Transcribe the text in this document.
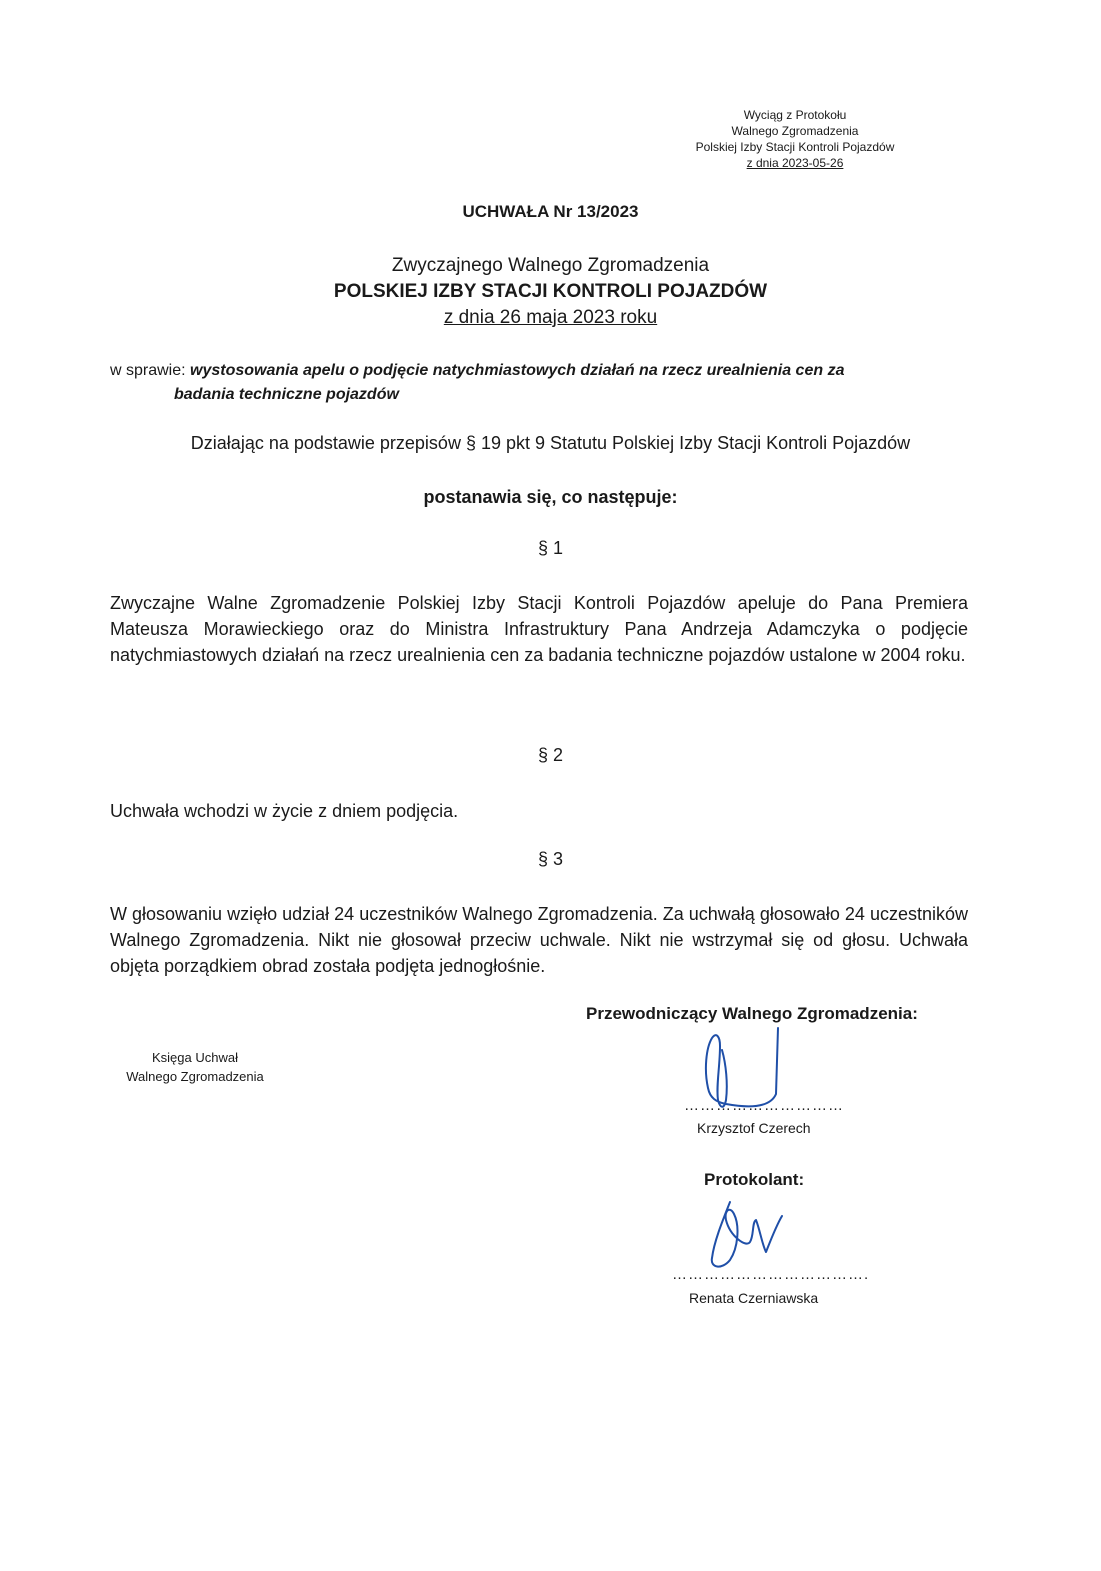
Wyciąg z Protokołu
Walnego Zgromadzenia
Polskiej Izby Stacji Kontroli Pojazdów
z dnia 2023-05-26
UCHWAŁA Nr 13/2023
Zwyczajnego Walnego Zgromadzenia
POLSKIEJ IZBY STACJI KONTROLI POJAZDÓW
z dnia 26 maja 2023 roku
w sprawie: wystosowania apelu o podjęcie natychmiastowych działań na rzecz urealnienia cen za
badania techniczne pojazdów
Działając na podstawie przepisów § 19 pkt 9 Statutu Polskiej Izby Stacji Kontroli Pojazdów
postanawia się, co następuje:
§ 1
Zwyczajne Walne Zgromadzenie Polskiej Izby Stacji Kontroli Pojazdów apeluje do Pana Premiera Mateusza Morawieckiego oraz do Ministra Infrastruktury Pana Andrzeja Adamczyka o podjęcie natychmiastowych działań na rzecz urealnienia cen za badania techniczne pojazdów ustalone w 2004 roku.
§ 2
Uchwała wchodzi w życie z dniem podjęcia.
§ 3
W głosowaniu wzięło udział 24 uczestników Walnego Zgromadzenia. Za uchwałą głosowało 24 uczestników Walnego Zgromadzenia. Nikt nie głosował przeciw uchwale. Nikt nie wstrzymał się od głosu. Uchwała objęta porządkiem obrad została podjęta jednogłośnie.
Przewodniczący Walnego Zgromadzenia:
Księga Uchwał
Walnego Zgromadzenia
…………………………
Krzysztof Czerech
Protokolant:
……………………………….
Renata Czerniawska
